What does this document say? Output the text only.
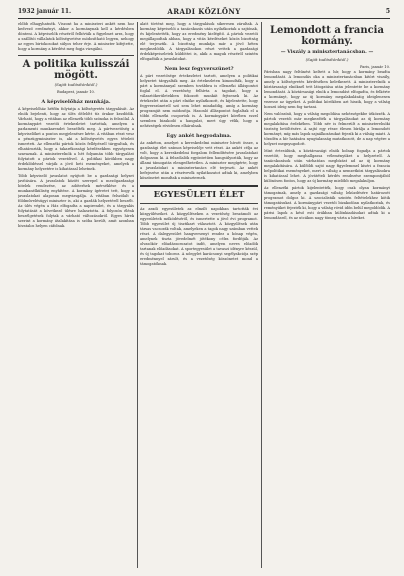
1932 január 11.	ARADI KÖZLÖNY	5

előbb elhagyhatnék. Viszont ha a miniszteri ankét nem hoz kedvező eredményt, akkor a kormánynak kell a kérdésben dönteni. A képviselők részéről felhívták a figyelmet arra, hogy a szállítói vállalatok költségvetése módosítható legyen, nehogy az egyes birtokosokat súlyos teher érje. A miniszter kifejtette, hogy a kormány a kérdést meg fogja vizsgálni.

A politika kulisszái mögött.
(Saját tudósítónktól.)
Budapest, január 10.
A képviselőház munkája.

A képviselőház hétfőn folytatja a költségvetés tárgyalását. Az elnök bejelenti, hogy az ülés délelőtt tíz órakor kezdődik. Várható, hogy a vitában az ellenzék több szónoka is felszólal. A kormánypárt vezetői értekezletet tartottak, amelyen a parlamenti munkarendet beszélték meg. A pártvezetőség a képviselőket a pontos megjelenésre kérte. A vitában részt vesz a pénzügyminiszter is, aki a költségvetés egyes tételeit ismerteti. Az ellenzéki pártok közös fellépésről tárgyaltak, és elhatározták, hogy a takarékossági kérdésekben egységesen szavaznak. A miniszterelnök a hét folyamán több tárgyalást folytatott a pártok vezetőivel. A politikai körökben nagy érdeklődéssel várják a jövő heti eseményeket, amelyek a kormány helyzetére is kihatással lehetnek.

Több képviselő javaslatot nyújtott be a gazdasági helyzet javítására. A javaslatok között szerepel a mezőgazdasági hitelek rendezése, az adóterhek mérséklése és a munkanélküliség enyhítése. A kormány ígéretet tett, hogy a javaslatokat alaposan megvizsgálja. A vitában felszólalt a földművelésügyi miniszter is, aki a gazdák helyzetéről beszélt. Az ülés végén a Ház elfogadta a napirendet, és a tárgyalás folytatását a következő ülésre halasztotta. A folyosón élénk beszélgetések folytak a várható változásokról. Egyes hírek szerint a kormány átalakítása is szóba került, amit azonban hivatalos helyen cáfolnak.

alatt történt meg, hogy a tárgyalások sikeresen zárultak. A kormány képviselői a tanácskozás után nyilatkoztak a sajtónak, és kijelentették, hogy az eredmény kielégítő. A pártok vezetői megállapodtak abban, hogy a vitás kérdéseket közös bizottság elé terjesztik. A bizottság munkája már a jövő héten megkezdődik. A tárgyalásokon részt vettek a gazdasági érdekképviseletek küldöttei is, akik a maguk részéről szintén elfogadták a javaslatokat.

Nem lesz fegyverszünet?

A párt vezetősége értekezletet tartott, amelyen a politikai helyzetet tárgyalták meg. Az értekezleten kimondták, hogy a párt a kormánnyal szemben továbbra is ellenzéki álláspontot foglal el. A vezetőség felhívta a tagokat, hogy a választókerületekben fokozott munkát fejtsenek ki. Az értekezlet után a párt elnöke nyilatkozott, és kijelentette, hogy fegyverszünetről szó sem lehet mindaddig, amíg a kormány programját nem módosítja. Hasonló álláspontot foglaltak el a többi ellenzéki csoportok is. A kormánypárt körében ezzel szemben bizakodó a hangulat, mert úgy vélik, hogy a nehézségek rövidesen elhárulnak.

Egy ankét hegyodalma.

Az ankéton, amelyet a kereskedelmi miniszter hívott össze, a gazdasági élet számos képviselője vett részt. Az ankét célja az volt, hogy a kereskedelmi forgalom fellendítésére javaslatokat dolgozzon ki. A felszólalók egyöntetűen hangsúlyozták, hogy az állami támogatás elengedhetetlen. A miniszter megígérte, hogy a javaslatokat a minisztertanács elé terjeszti. Az ankét befejezése után a résztvevők nyilatkozatot adtak ki, amelyben köszönetet mondtak a miniszternek.

EGYESÜLETI ÉLET

Az aradi egyesületek az elmúlt napokban tartották évi közgyűléseiket. A közgyűléseken a vezetőség beszámolt az egyesületek működéséről, és ismertette a jövő évi programot. Több egyesület új tisztikart választott. A közgyűlések után társas vacsorák voltak, amelyeken a tagok nagy számban vettek részt. A dalegyesület hangversenyt rendez a hónap végén, amelynek tiszta jövedelmét jótékony célra fordítják. Az olvasókör előadássorozatot indít, amelyen neves előadók tartanak előadásokat. A sportegyesület a tavaszi idényre készül, és új tagokat toboroz. A nőegylet karácsonyi segélyakciója szép eredménnyel zárult, és a vezetőség köszönetet mond a támogatóknak.

Lemondott a francia kormány.
— Viszály a minisztertanácsban. —
(Saját tudósítónktól.)
Paris, január 10.

Párisban nagy feltűnést keltett a hír, hogy a kormány beadta lemondását. A lemondás oka a minisztertanácsban kitört viszály, amely a költségvetés kérdésében keletkezett. A miniszterelnök a köztársasági elnöknél tett látogatása után jelentette be a kormány lemondását. A köztársasági elnök a lemondást elfogadta, és felkérte a kormányt, hogy az új kormány megalakulásáig ideiglenesen vezesse az ügyeket. A politikai körökben azt hiszik, hogy a válság hosszú ideig nem fog tartani.

Nem valószínű, hogy a válság megoldása nehézségekbe ütközzék. A pártok vezetői már megkezdték a tárgyalásokat az új kormány megalakítása érdekében. Több név is felmerült a miniszterelnöki tisztség betöltésére. A sajtó egy része élesen bírálja a lemondott kormányt, míg más lapok sajnálkozásukat fejezik ki a válság miatt. A tőzsdén a hír hatására nyugtalanság mutatkozott, de a nap végére a helyzet megnyugodott.

Mint értesülünk, a köztársasági elnök holnap fogadja a pártok vezetőit, hogy meghallgassa véleményüket a helyzetről. A tanácskozások után várhatóan megbízást ad az új kormány megalakítására. A külföldi sajtó nagy figyelemmel kíséri a francia belpolitikai eseményeket, mert a válság a nemzetközi tárgyalásokra is kihatással lehet. A jóvátételi kérdés rendezése szempontjából különösen fontos, hogy az új kormány mielőbb megalakuljon.

Az ellenzéki pártok kijelentették, hogy csak olyan kormányt támogatnak, amely a gazdasági válság leküzdésére határozott programot dolgoz ki. A szocialisták szintén feltételekhez kötik támogatásukat. A kormánypárt vezetői bizakodóan nyilatkoztak, és reményüket fejezték ki, hogy a válság rövid időn belül megoldódik. A párisi lapok a késő esti órákban különkiadásokat adtak ki a lemondásról, és az utcákon nagy tömeg várta a híreket.
